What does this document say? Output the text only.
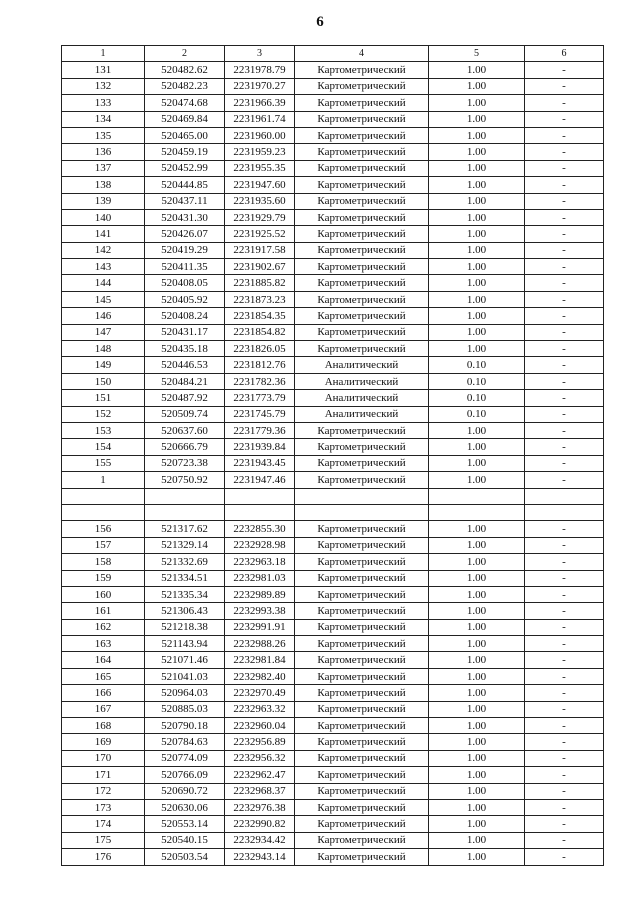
6
1	2	3	4	5	6
131	520482.62	2231978.79	Картометрический	1.00	-
132	520482.23	2231970.27	Картометрический	1.00	-
133	520474.68	2231966.39	Картометрический	1.00	-
134	520469.84	2231961.74	Картометрический	1.00	-
135	520465.00	2231960.00	Картометрический	1.00	-
136	520459.19	2231959.23	Картометрический	1.00	-
137	520452.99	2231955.35	Картометрический	1.00	-
138	520444.85	2231947.60	Картометрический	1.00	-
139	520437.11	2231935.60	Картометрический	1.00	-
140	520431.30	2231929.79	Картометрический	1.00	-
141	520426.07	2231925.52	Картометрический	1.00	-
142	520419.29	2231917.58	Картометрический	1.00	-
143	520411.35	2231902.67	Картометрический	1.00	-
144	520408.05	2231885.82	Картометрический	1.00	-
145	520405.92	2231873.23	Картометрический	1.00	-
146	520408.24	2231854.35	Картометрический	1.00	-
147	520431.17	2231854.82	Картометрический	1.00	-
148	520435.18	2231826.05	Картометрический	1.00	-
149	520446.53	2231812.76	Аналитический	0.10	-
150	520484.21	2231782.36	Аналитический	0.10	-
151	520487.92	2231773.79	Аналитический	0.10	-
152	520509.74	2231745.79	Аналитический	0.10	-
153	520637.60	2231779.36	Картометрический	1.00	-
154	520666.79	2231939.84	Картометрический	1.00	-
155	520723.38	2231943.45	Картометрический	1.00	-
1	520750.92	2231947.46	Картометрический	1.00	-

156	521317.62	2232855.30	Картометрический	1.00	-
157	521329.14	2232928.98	Картометрический	1.00	-
158	521332.69	2232963.18	Картометрический	1.00	-
159	521334.51	2232981.03	Картометрический	1.00	-
160	521335.34	2232989.89	Картометрический	1.00	-
161	521306.43	2232993.38	Картометрический	1.00	-
162	521218.38	2232991.91	Картометрический	1.00	-
163	521143.94	2232988.26	Картометрический	1.00	-
164	521071.46	2232981.84	Картометрический	1.00	-
165	521041.03	2232982.40	Картометрический	1.00	-
166	520964.03	2232970.49	Картометрический	1.00	-
167	520885.03	2232963.32	Картометрический	1.00	-
168	520790.18	2232960.04	Картометрический	1.00	-
169	520784.63	2232956.89	Картометрический	1.00	-
170	520774.09	2232956.32	Картометрический	1.00	-
171	520766.09	2232962.47	Картометрический	1.00	-
172	520690.72	2232968.37	Картометрический	1.00	-
173	520630.06	2232976.38	Картометрический	1.00	-
174	520553.14	2232990.82	Картометрический	1.00	-
175	520540.15	2232934.42	Картометрический	1.00	-
176	520503.54	2232943.14	Картометрический	1.00	-
